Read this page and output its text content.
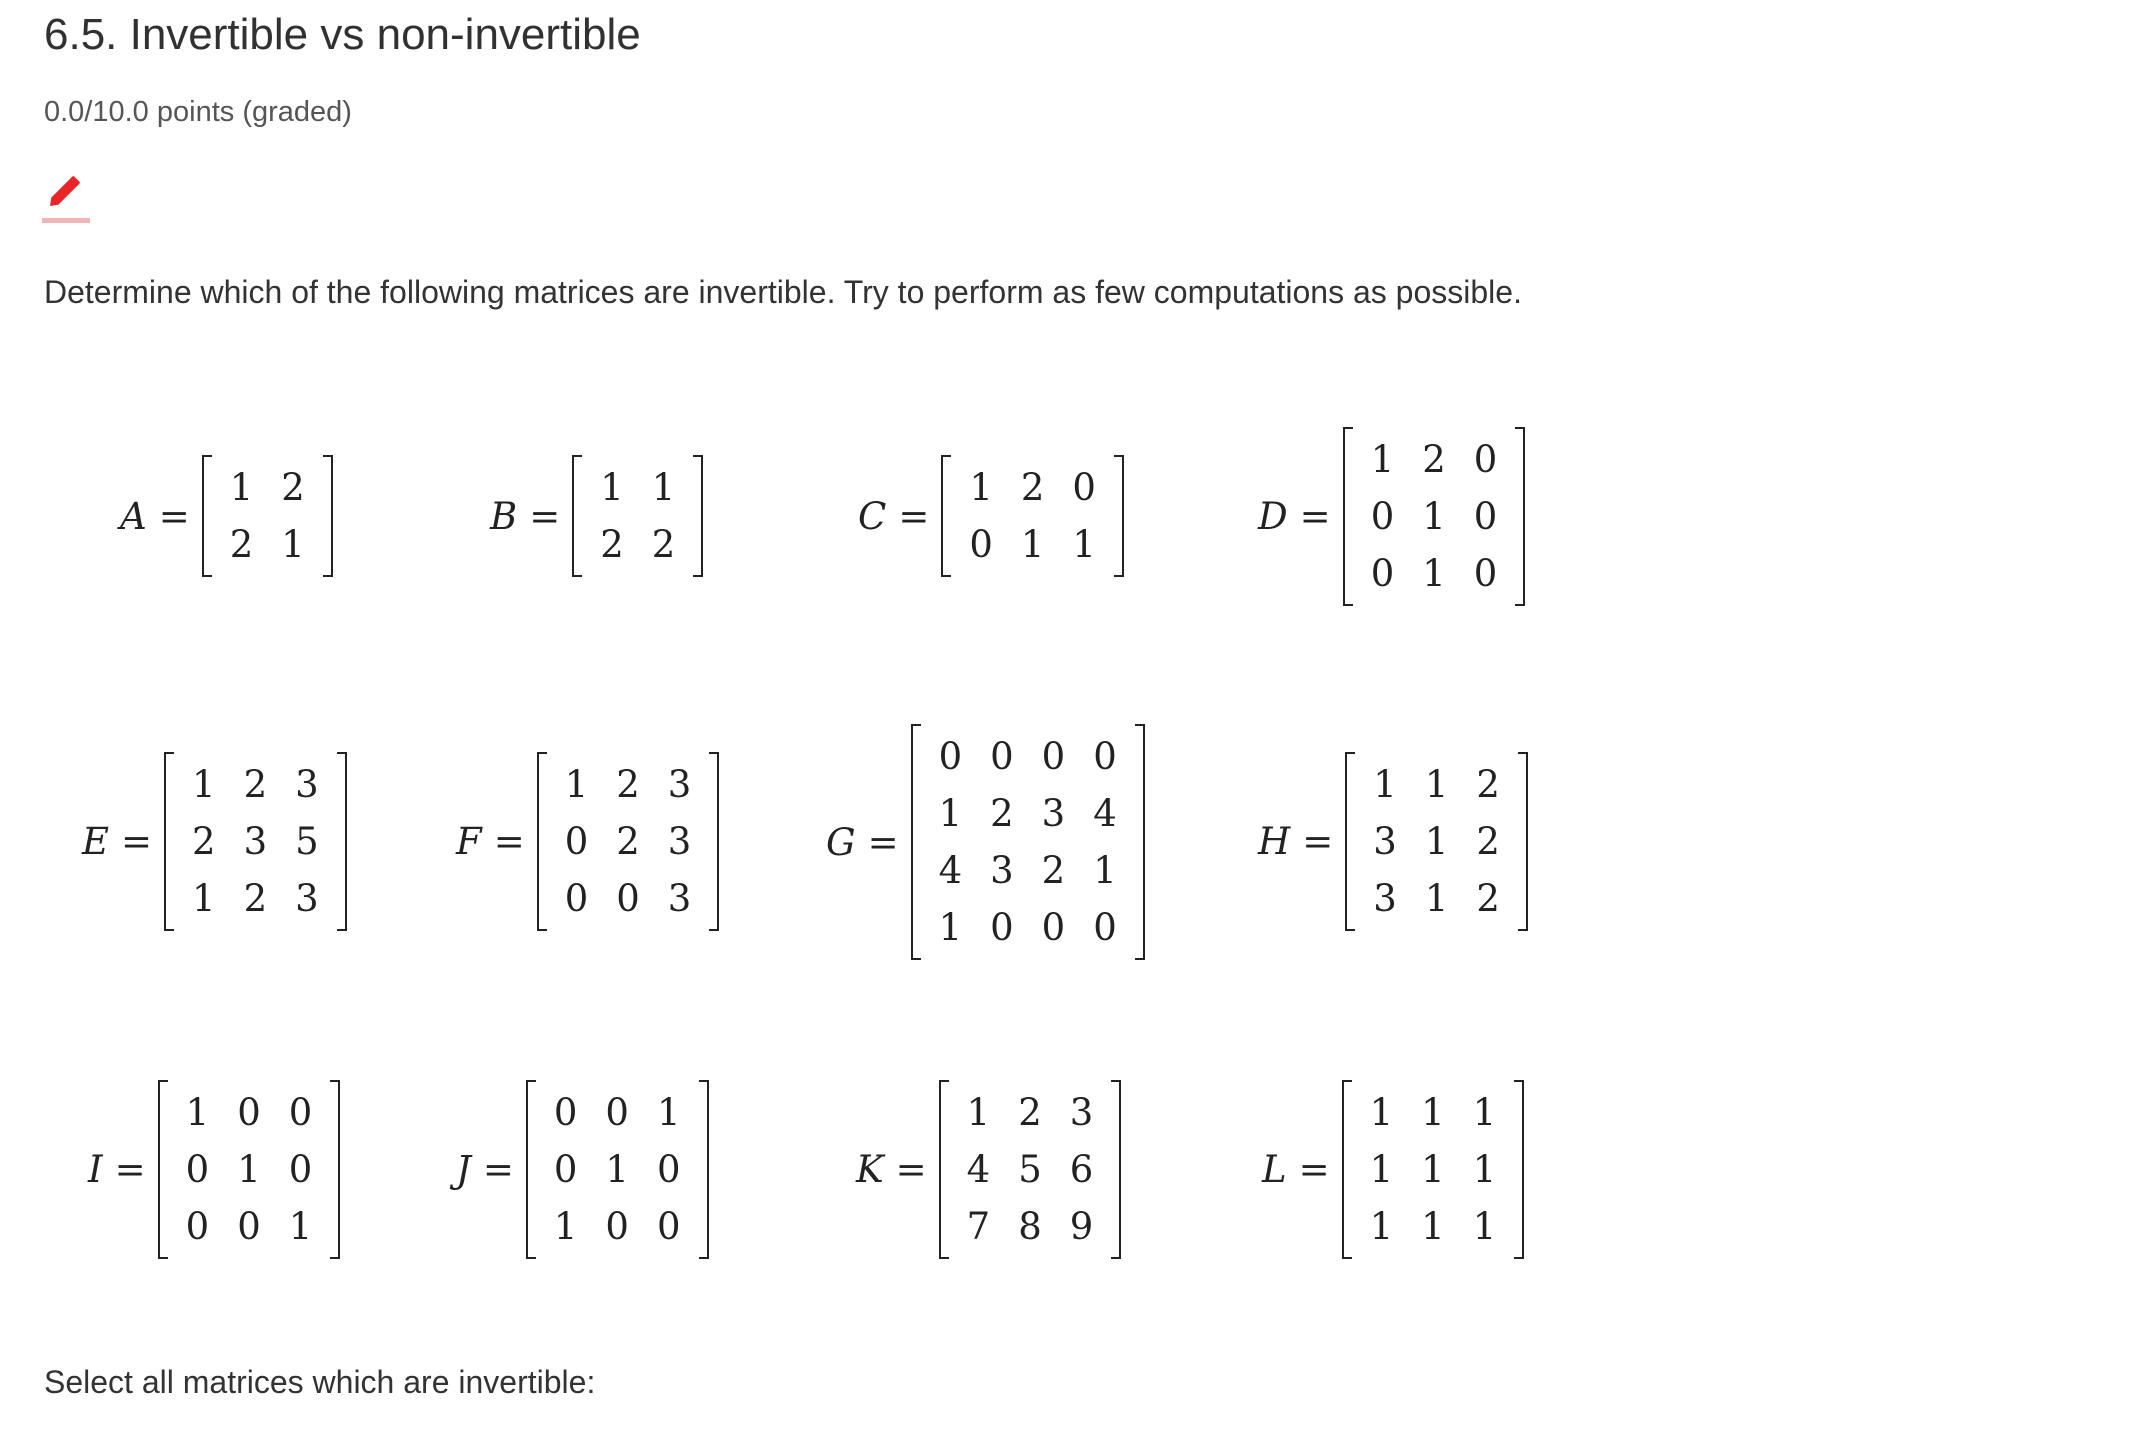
6.5. Invertible vs non-invertible
0.0/10.0 points (graded)
Determine which of the following matrices are invertible. Try to perform as few computations as possible.
A =
1	2
2	1
B =
1	1
2	2
C =
1	2	0
0	1	1
D =
1	2	0
0	1	0
0	1	0
E =
1	2	3
2	3	5
1	2	3
F =
1	2	3
0	2	3
0	0	3
G =
0	0	0	0
1	2	3	4
4	3	2	1
1	0	0	0
H =
1	1	2
3	1	2
3	1	2
I =
1	0	0
0	1	0
0	0	1
J =
0	0	1
0	1	0
1	0	0
K =
1	2	3
4	5	6
7	8	9
L =
1	1	1
1	1	1
1	1	1
Select all matrices which are invertible:
